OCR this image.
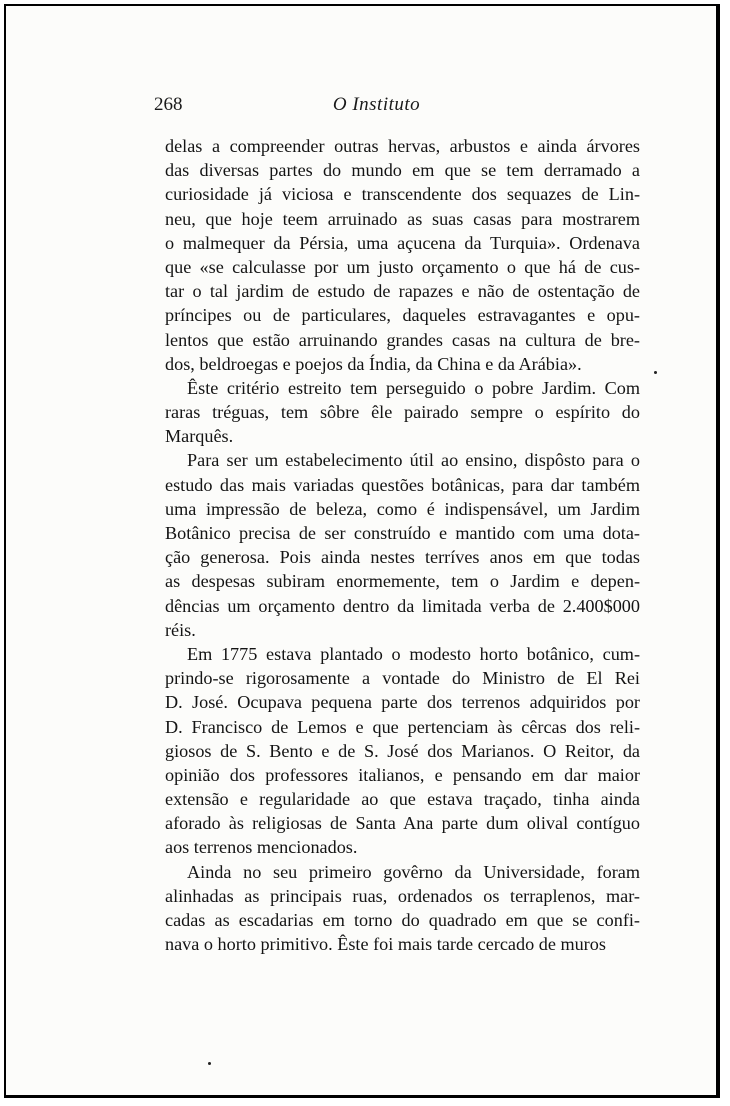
268	O Instituto
delas a compreender outras hervas, arbustos e ainda árvores
das diversas partes do mundo em que se tem derramado a
curiosidade já viciosa e transcendente dos sequazes de Lin-
neu, que hoje teem arruinado as suas casas para mostrarem
o malmequer da Pérsia, uma açucena da Turquia». Ordenava
que «se calculasse por um justo orçamento o que há de cus-
tar o tal jardim de estudo de rapazes e não de ostentação de
príncipes ou de particulares, daqueles estravagantes e opu-
lentos que estão arruinando grandes casas na cultura de bre-
dos, beldroegas e poejos da Índia, da China e da Arábia».
Êste critério estreito tem perseguido o pobre Jardim. Com
raras tréguas, tem sôbre êle pairado sempre o espírito do
Marquês.
Para ser um estabelecimento útil ao ensino, dispôsto para o
estudo das mais variadas questões botânicas, para dar também
uma impressão de beleza, como é indispensável, um Jardim
Botânico precisa de ser construído e mantido com uma dota-
ção generosa. Pois ainda nestes terríves anos em que todas
as despesas subiram enormemente, tem o Jardim e depen-
dências um orçamento dentro da limitada verba de 2.400$000
réis.
Em 1775 estava plantado o modesto horto botânico, cum-
prindo-se rigorosamente a vontade do Ministro de El Rei
D. José. Ocupava pequena parte dos terrenos adquiridos por
D. Francisco de Lemos e que pertenciam às cêrcas dos reli-
giosos de S. Bento e de S. José dos Marianos. O Reitor, da
opinião dos professores italianos, e pensando em dar maior
extensão e regularidade ao que estava traçado, tinha ainda
aforado às religiosas de Santa Ana parte dum olival contíguo
aos terrenos mencionados.
Ainda no seu primeiro govêrno da Universidade, foram
alinhadas as principais ruas, ordenados os terraplenos, mar-
cadas as escadarias em torno do quadrado em que se confi-
nava o horto primitivo. Êste foi mais tarde cercado de muros
